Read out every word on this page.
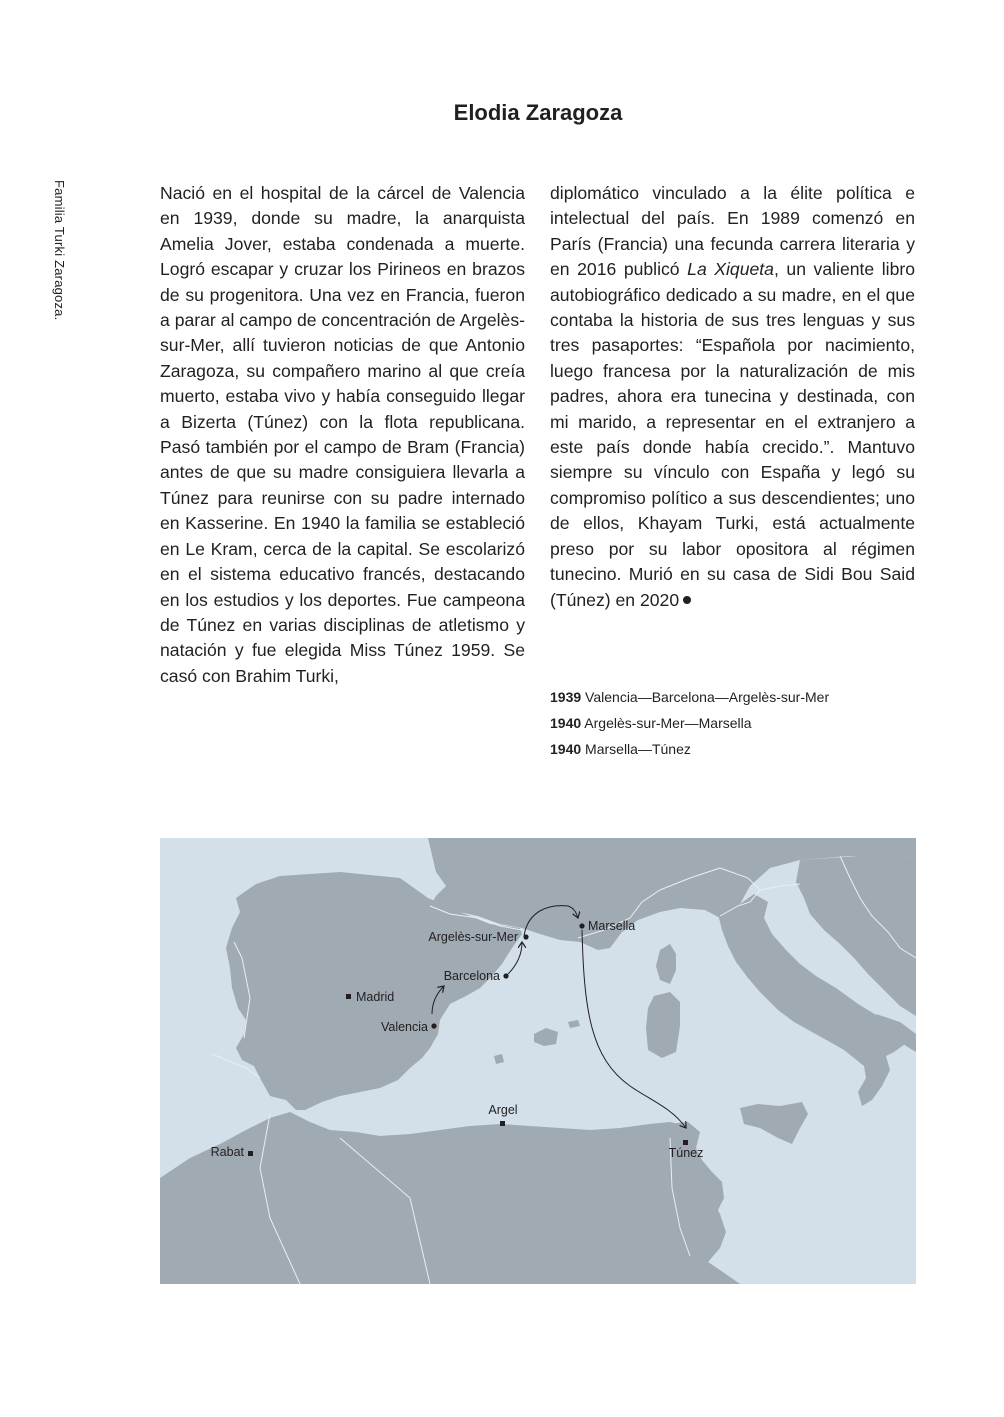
Familia Turki Zaragoza.
Elodia Zaragoza

Nació en el hospital de la cárcel de Valencia en 1939, donde su madre, la anarquista Amelia Jover, estaba condenada a muerte. Logró escapar y cruzar los Pirineos en brazos de su progenitora. Una vez en Francia, fueron a parar al campo de concentración de Argelès-sur-Mer, allí tuvieron noticias de que Antonio Zaragoza, su compañero marino al que creía muerto, estaba vivo y había conseguido llegar a Bizerta (Túnez) con la flota republicana. Pasó también por el campo de Bram (Francia) antes de que su madre consiguiera llevarla a Túnez para reunirse con su padre internado en Kasserine. En 1940 la familia se estableció en Le Kram, cerca de la capital. Se escolarizó en el sistema educativo francés, destacando en los estudios y los deportes. Fue campeona de Túnez en varias disciplinas de atletismo y natación y fue elegida Miss Túnez 1959. Se casó con Brahim Turki,

diplomático vinculado a la élite política e intelectual del país. En 1989 comenzó en París (Francia) una fecunda carrera literaria y en 2016 publicó La Xiqueta, un valiente libro autobiográfico dedicado a su madre, en el que contaba la historia de sus tres lenguas y sus tres pasaportes: “Española por nacimiento, luego francesa por la naturalización de mis padres, ahora era tunecina y destinada, con mi marido, a representar en el extranjero a este país donde había crecido.”. Mantuvo siempre su vínculo con España y legó su compromiso político a sus descendientes; uno de ellos, Khayam Turki, está actualmente preso por su labor opositora al régimen tunecino. Murió en su casa de Sidi Bou Said (Túnez) en 2020

1939 Valencia—Barcelona—Argelès-sur-Mer
1940 Argelès-sur-Mer—Marsella
1940 Marsella—Túnez
Argelès-sur-Mer
Marsella
Barcelona
Madrid
Valencia
Argel
Rabat	Túnez
